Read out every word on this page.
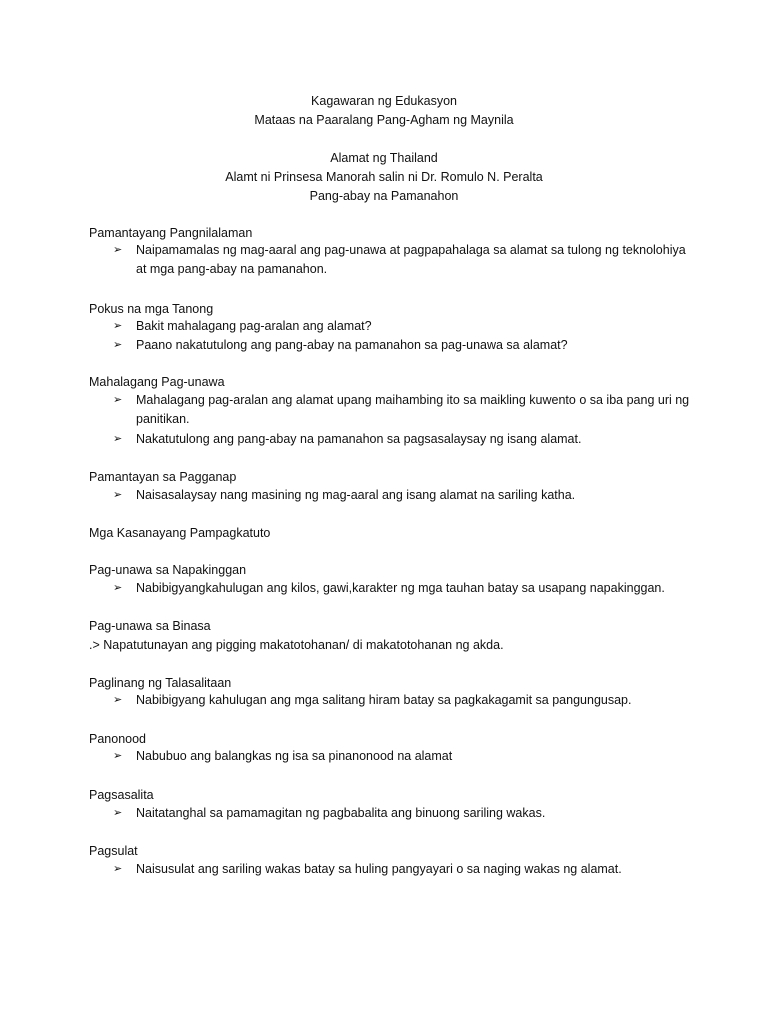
Kagawaran ng Edukasyon
Mataas na Paaralang Pang-Agham ng Maynila
Alamat ng Thailand
Alamt ni Prinsesa Manorah salin ni Dr. Romulo N. Peralta
Pang-abay na Pamanahon
Pamantayang Pangnilalaman
➢ Naipamamalas ng mag-aaral ang pag-unawa at pagpapahalaga sa alamat sa tulong ng teknolohiya at mga pang-abay na pamanahon.
Pokus na mga Tanong
➢ Bakit mahalagang pag-aralan ang alamat?
➢ Paano nakatutulong ang pang-abay na pamanahon sa pag-unawa sa alamat?
Mahalagang Pag-unawa
➢ Mahalagang pag-aralan ang alamat upang maihambing ito sa maikling kuwento o sa iba pang uri ng panitikan.
➢ Nakatutulong ang pang-abay na pamanahon sa pagsasalaysay ng isang alamat.
Pamantayan sa Pagganap
➢ Naisasalaysay nang masining ng mag-aaral ang isang alamat na sariling katha.
Mga Kasanayang Pampagkatuto
Pag-unawa sa Napakinggan
➢ Nabibigyangkahulugan ang kilos, gawi,karakter ng mga tauhan batay sa usapang napakinggan.
Pag-unawa sa Binasa
.> Napatutunayan ang pigging makatotohanan/ di makatotohanan ng akda.
Paglinang ng Talasalitaan
➢ Nabibigyang kahulugan ang mga salitang hiram batay sa pagkakagamit sa pangungusap.
Panonood
➢ Nabubuo ang balangkas ng isa sa pinanonood na alamat
Pagsasalita
➢ Naitatanghal sa pamamagitan ng pagbabalita ang binuong sariling wakas.
Pagsulat
➢ Naisusulat ang sariling wakas batay sa huling pangyayari o sa naging wakas ng alamat.
